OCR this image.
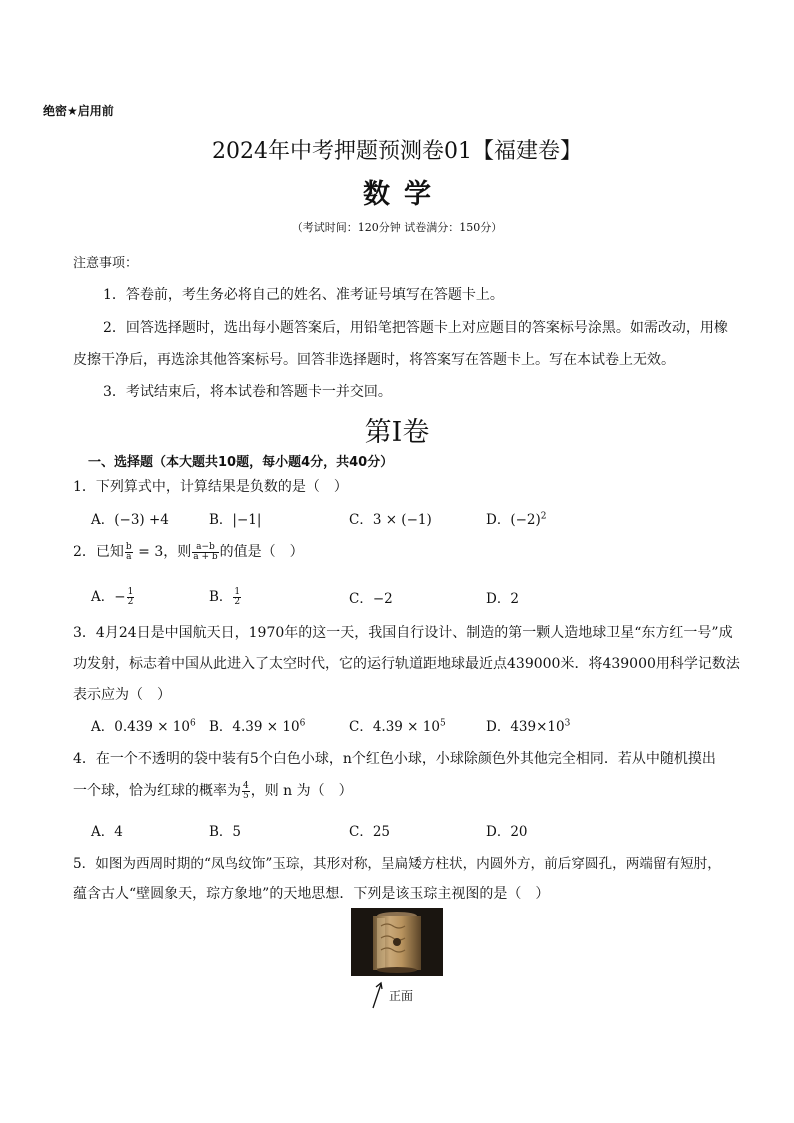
绝密★启用前
2024年中考押题预测卷01【福建卷】
数学
（考试时间：120分钟 试卷满分：150分）
注意事项：
1．答卷前，考生务必将自己的姓名、准考证号填写在答题卡上。
2．回答选择题时，选出每小题答案后，用铅笔把答题卡上对应题目的答案标号涂黑。如需改动，用橡
皮擦干净后，再选涂其他答案标号。回答非选择题时，将答案写在答题卡上。写在本试卷上无效。
3．考试结束后，将本试卷和答题卡一并交回。
第I卷
一、选择题（本大题共10题，每小题4分，共40分）
1．下列算式中，计算结果是负数的是（　）
A．(−3) +4	B．|−1|	C．3 × (−1)	D．$(-2)^2$
2．已知 $\frac{b}{a} = 3$，则 $\frac{a-b}{a + b}$ 的值是（　）
A．− $\frac{1}{2}$	B． $\frac{1}{2}$	C．−2	D．2
3．4月24日是中国航天日，1970年的这一天，我国自行设计、制造的第一颗人造地球卫星“东方红一号”成
功发射，标志着中国从此进入了太空时代，它的运行轨道距地球最近点439000米．将439000用科学记数法
表示应为（　）
A．$0.439 \times 10^6$ B．$4.39 \times 10^6$	C．$4.39 \times 10^5$	D．$439\times 10^3$
4．在一个不透明的袋中装有5个白色小球，n个红色小球，小球除颜色外其他完全相同．若从中随机摸出
一个球，恰为红球的概率为 $\frac{4}{5}$ ，则 n 为（　）
A．4	B．5	C．25	D．20
5．如图为西周时期的“凤鸟纹饰”玉琮，其形对称，呈扁矮方柱状，内圆外方，前后穿圆孔，两端留有短肘，
蕴含古人“壁圆象天，琮方象地”的天地思想．下列是该玉琮主视图的是（　）
正面
